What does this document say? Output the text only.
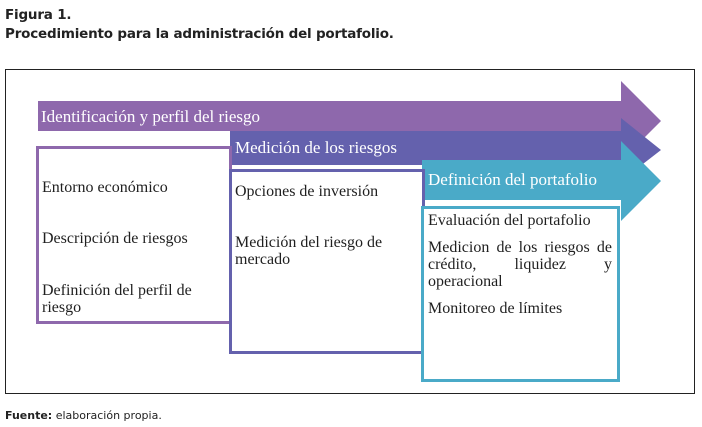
Figura 1.
Procedimiento para la administración del portafolio.
Identificación y perfil del riesgo
Medición de los riesgos
Definición del portafolio
Entorno económico
Descripción de riesgos
Definición del perfil de riesgo
Opciones de inversión
Medición del riesgo de mercado
Evaluación del portafolio
Medicion de los riesgos de crédito, liquidez y operacional
Monitoreo de límites
Fuente: elaboración propia.
